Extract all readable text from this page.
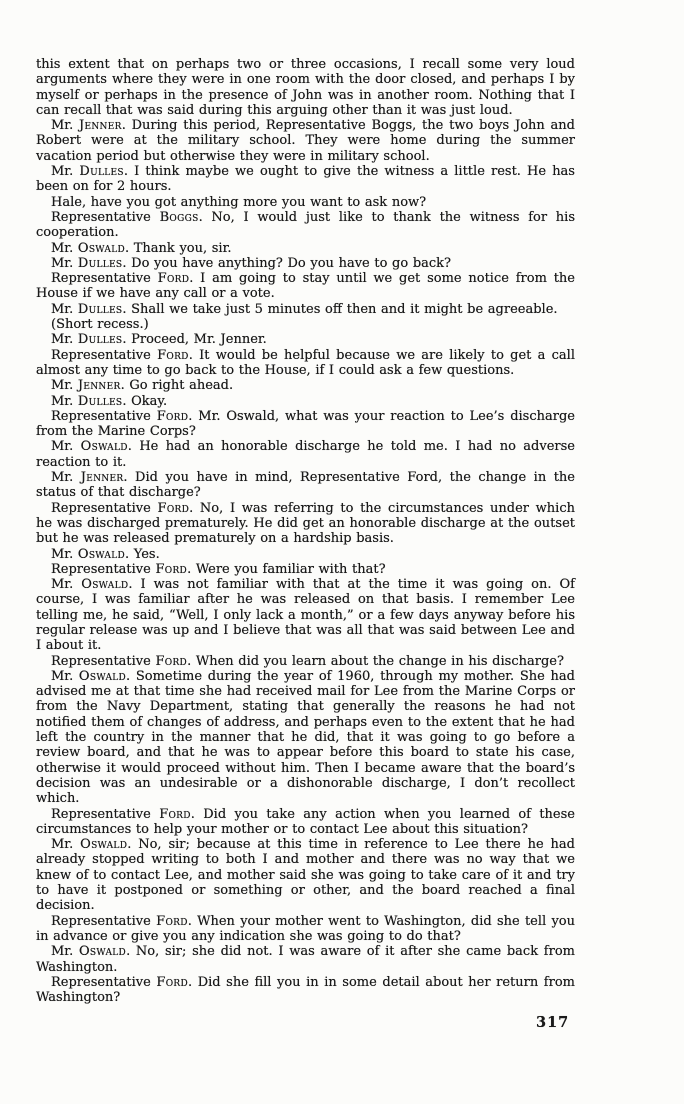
this extent that on perhaps two or three occasions, I recall some very loud arguments where they were in one room with the door closed, and perhaps I by myself or perhaps in the presence of John was in another room. Nothing that I can recall that was said during this arguing other than it was just loud.

Mr. Jenner. During this period, Representative Boggs, the two boys John and Robert were at the military school. They were home during the summer vacation period but otherwise they were in military school.

Mr. Dulles. I think maybe we ought to give the witness a little rest. He has been on for 2 hours.

Hale, have you got anything more you want to ask now?

Representative Boggs. No, I would just like to thank the witness for his cooperation.

Mr. Oswald. Thank you, sir.

Mr. Dulles. Do you have anything? Do you have to go back?

Representative Ford. I am going to stay until we get some notice from the House if we have any call or a vote.

Mr. Dulles. Shall we take just 5 minutes off then and it might be agreeable.

(Short recess.)

Mr. Dulles. Proceed, Mr. Jenner.

Representative Ford. It would be helpful because we are likely to get a call almost any time to go back to the House, if I could ask a few questions.

Mr. Jenner. Go right ahead.

Mr. Dulles. Okay.

Representative Ford. Mr. Oswald, what was your reaction to Lee’s discharge from the Marine Corps?

Mr. Oswald. He had an honorable discharge he told me. I had no adverse reaction to it.

Mr. Jenner. Did you have in mind, Representative Ford, the change in the status of that discharge?

Representative Ford. No, I was referring to the circumstances under which he was discharged prematurely. He did get an honorable discharge at the outset but he was released prematurely on a hardship basis.

Mr. Oswald. Yes.

Representative Ford. Were you familiar with that?

Mr. Oswald. I was not familiar with that at the time it was going on. Of course, I was familiar after he was released on that basis. I remember Lee telling me, he said, “Well, I only lack a month,” or a few days anyway before his regular release was up and I believe that was all that was said between Lee and I about it.

Representative Ford. When did you learn about the change in his discharge?

Mr. Oswald. Sometime during the year of 1960, through my mother. She had advised me at that time she had received mail for Lee from the Marine Corps or from the Navy Department, stating that generally the reasons he had not notified them of changes of address, and perhaps even to the extent that he had left the country in the manner that he did, that it was going to go before a review board, and that he was to appear before this board to state his case, otherwise it would proceed without him. Then I became aware that the board’s decision was an undesirable or a dishonorable discharge, I don’t recollect which.

Representative Ford. Did you take any action when you learned of these circumstances to help your mother or to contact Lee about this situation?

Mr. Oswald. No, sir; because at this time in reference to Lee there he had already stopped writing to both I and mother and there was no way that we knew of to contact Lee, and mother said she was going to take care of it and try to have it postponed or something or other, and the board reached a final decision.

Representative Ford. When your mother went to Washington, did she tell you in advance or give you any indication she was going to do that?

Mr. Oswald. No, sir; she did not. I was aware of it after she came back from Washington.

Representative Ford. Did she fill you in in some detail about her return from Washington?

317
